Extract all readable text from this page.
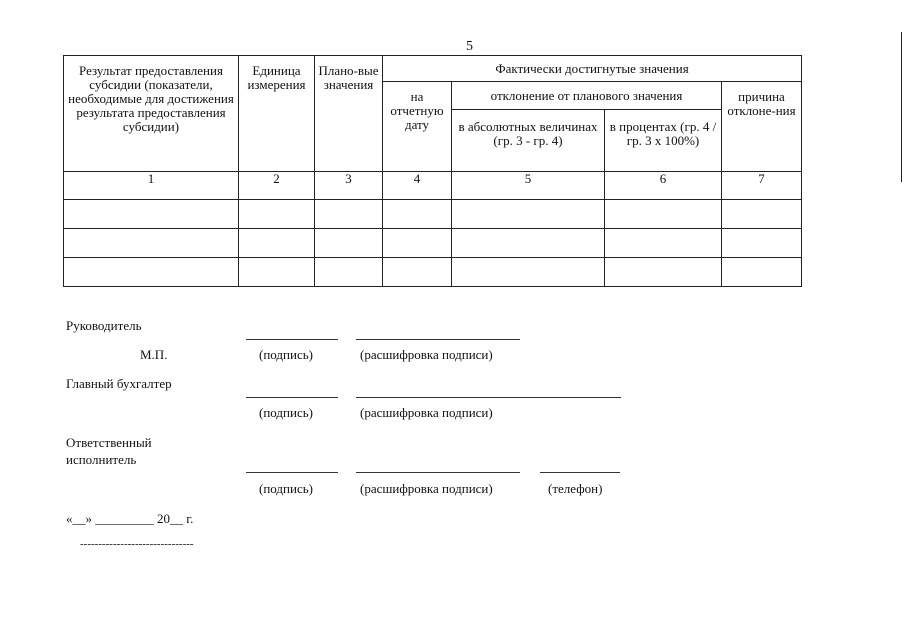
5
Результат предоставления субсидии (показатели, необходимые для достижения результата предоставления субсидии)	Единица измерения	Плано-вые значения	Фактически достигнутые значения			
			на отчетную дату	отклонение от планового значения		причина отклоне-ния
				в абсолютных величинах (гр. 3 - гр. 4)	в процентах (гр. 4 / гр. 3 х 100%)	
1	2	3	4	5	6	7

Руководитель
М.П.	(подпись)	(расшифровка подписи)
Главный бухгалтер
(подпись)	(расшифровка подписи)
Ответственный исполнитель
(подпись)	(расшифровка подписи)	(телефон)
«__» _________ 20__ г.
-------------------------------
